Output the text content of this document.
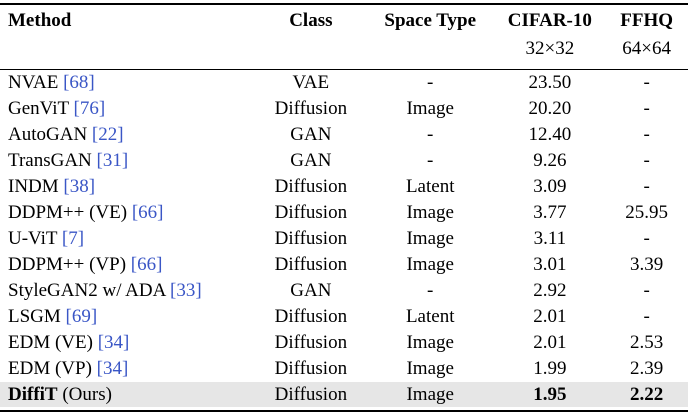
Method	Class	Space Type	CIFAR-10	FFHQ
			32×32	64×64
NVAE [68]	VAE	-	23.50	-
GenViT [76]	Diffusion	Image	20.20	-
AutoGAN [22]	GAN	-	12.40	-
TransGAN [31]	GAN	-	9.26	-
INDM [38]	Diffusion	Latent	3.09	-
DDPM++ (VE) [66]	Diffusion	Image	3.77	25.95
U-ViT [7]	Diffusion	Image	3.11	-
DDPM++ (VP) [66]	Diffusion	Image	3.01	3.39
StyleGAN2 w/ ADA [33]	GAN	-	2.92	-
LSGM [69]	Diffusion	Latent	2.01	-
EDM (VE) [34]	Diffusion	Image	2.01	2.53
EDM (VP) [34]	Diffusion	Image	1.99	2.39
DiffiT (Ours)	Diffusion	Image	1.95	2.22
